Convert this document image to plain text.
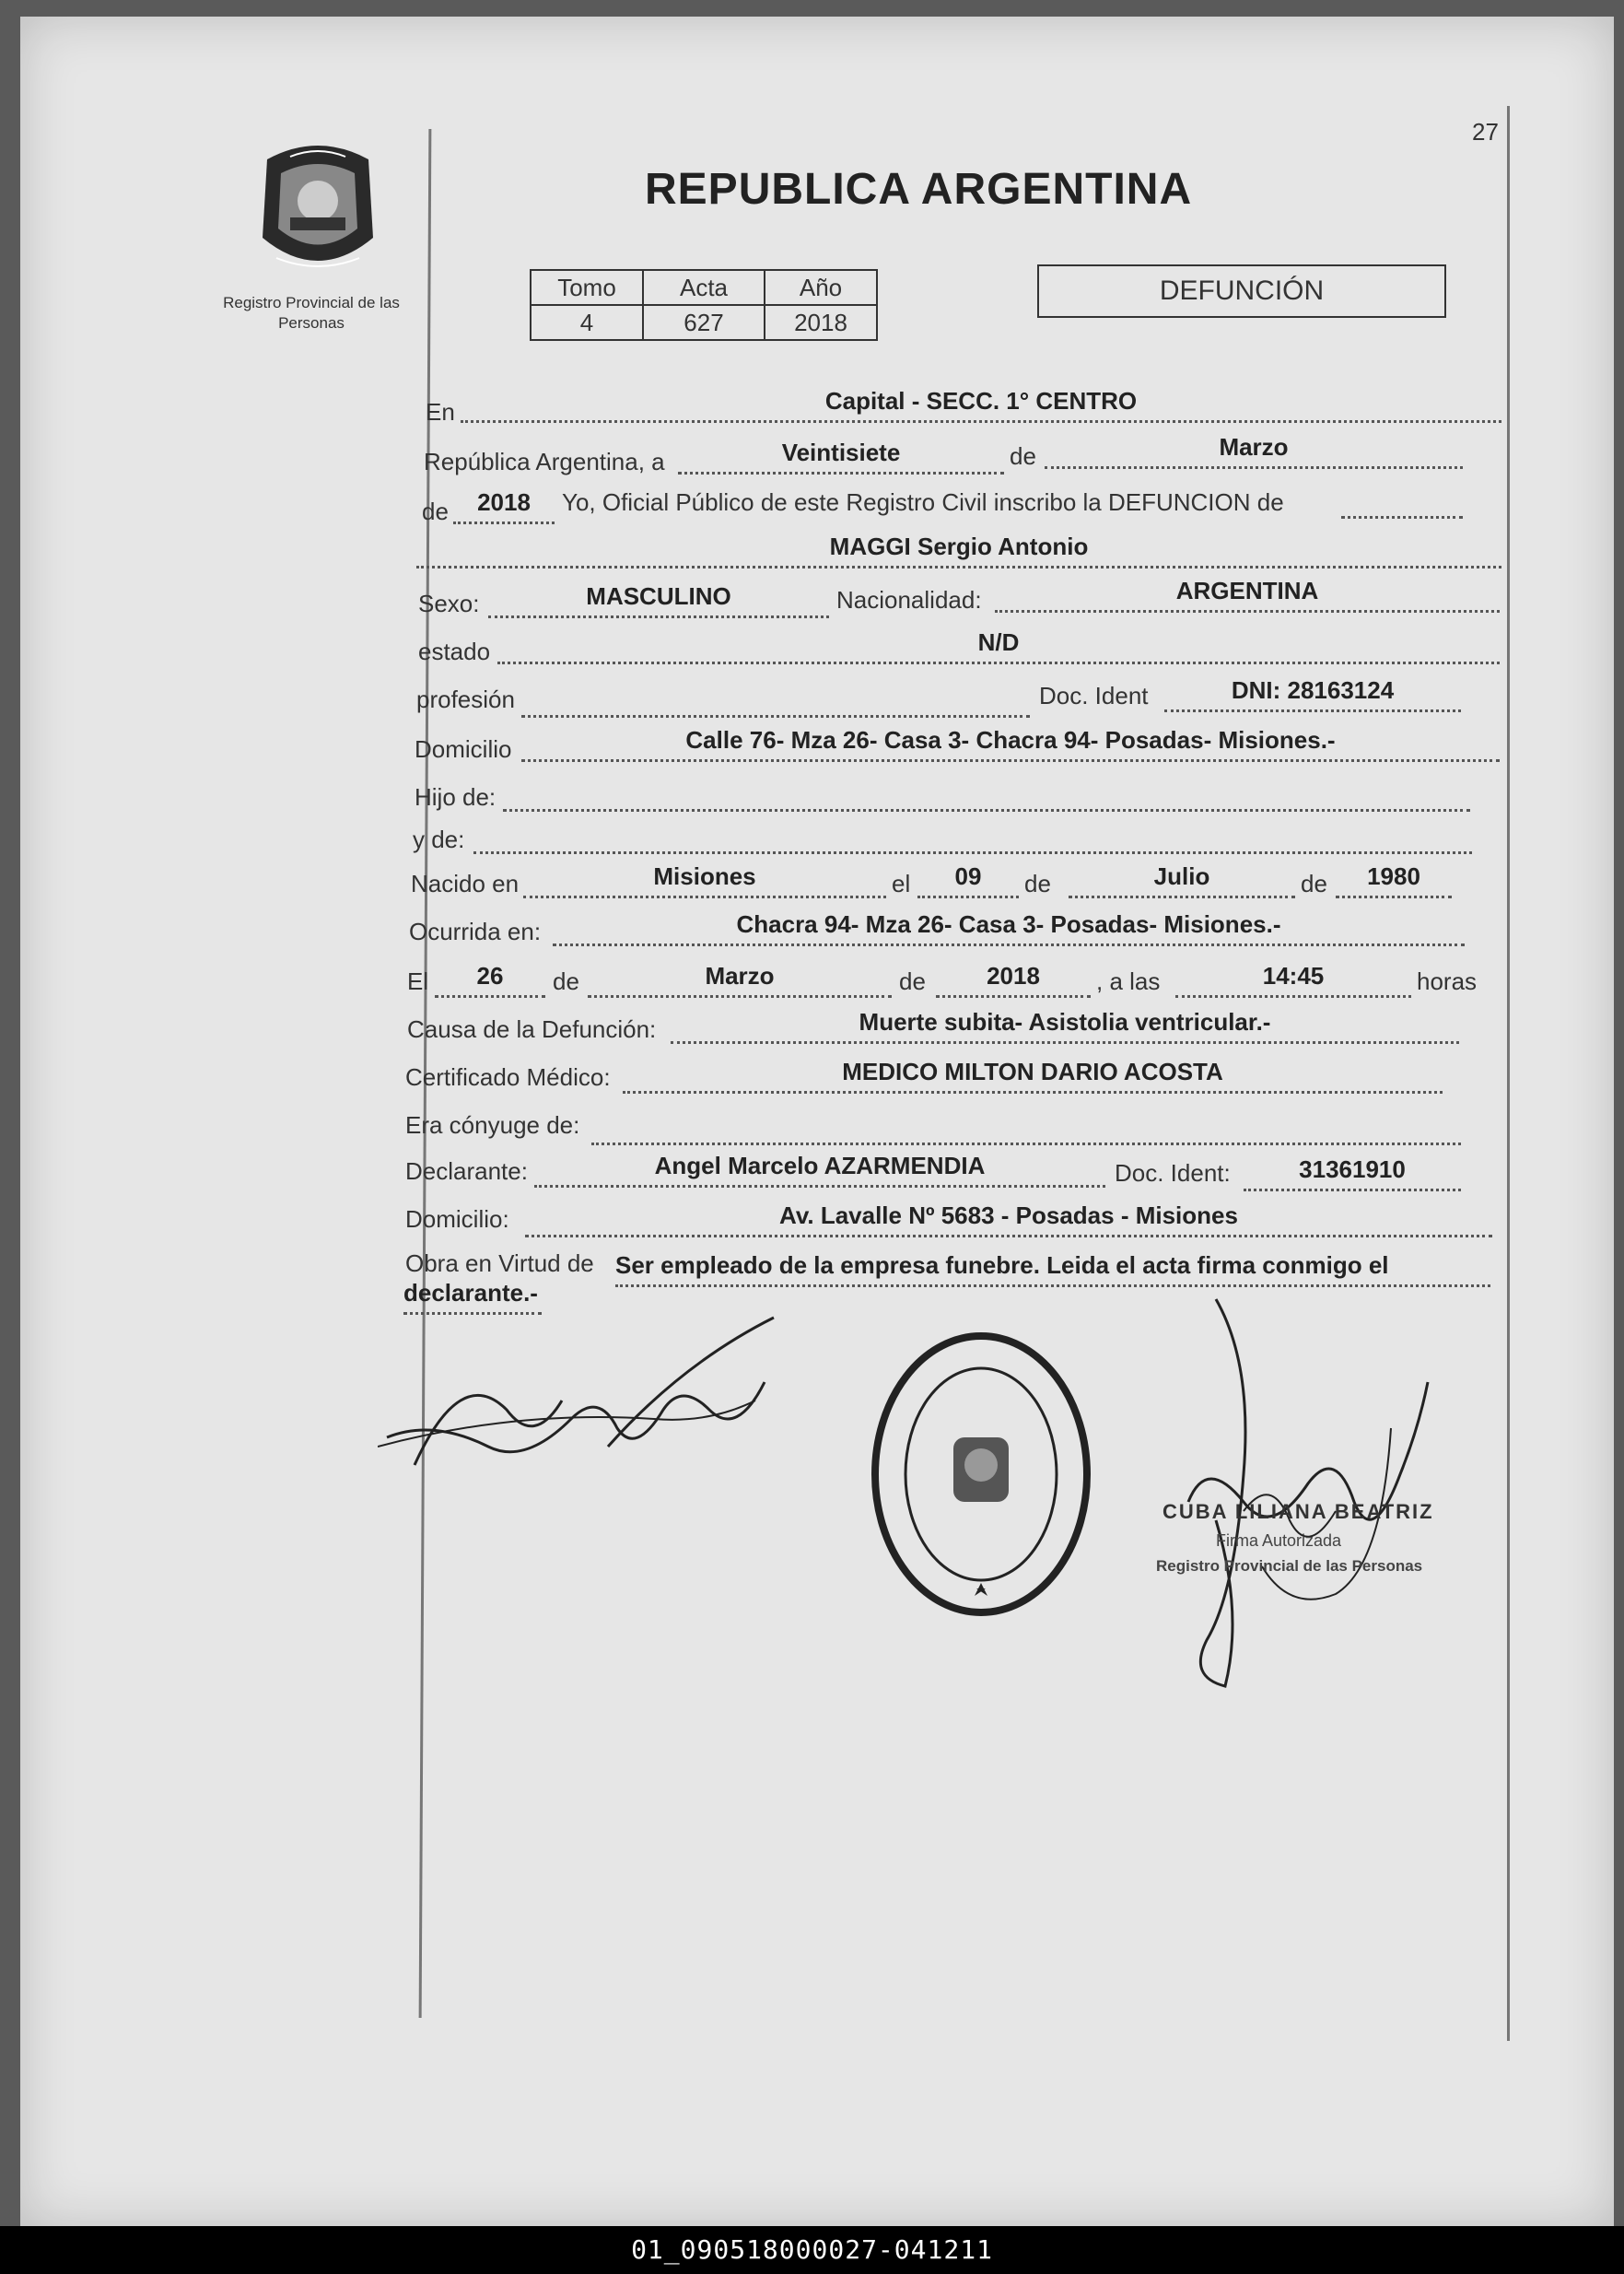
27
Registro Provincial de las Personas
REPUBLICA ARGENTINA
Tomo	Acta	Año
4	627	2018
DEFUNCIÓN
En	Capital - SECC. 1° CENTRO
República Argentina, a	Veintisiete	de	Marzo
de	2018	Yo, Oficial Público de este Registro Civil inscribo la DEFUNCION de
MAGGI Sergio Antonio
Sexo:	MASCULINO	Nacionalidad:	ARGENTINA
estado	N/D
profesión	Doc. Ident	DNI: 28163124
Domicilio	Calle 76- Mza 26- Casa 3- Chacra 94- Posadas- Misiones.-
Hijo de:
y de:
Nacido en	Misiones	el	09	de	Julio	de	1980
Ocurrida en:	Chacra 94- Mza 26- Casa 3- Posadas- Misiones.-
El	26	de	Marzo	de	2018	, a las	14:45	horas
Causa de la Defunción:	Muerte subita- Asistolia ventricular.-
Certificado Médico:	MEDICO MILTON DARIO ACOSTA
Era cónyuge de:
Declarante:	Angel Marcelo AZARMENDIA	Doc. Ident:	31361910
Domicilio:	Av. Lavalle Nº 5683 - Posadas - Misiones
Obra en Virtud de Ser empleado de la empresa funebre. Leida el acta firma conmigo el
declarante.-
CUBA LILIANA BEATRIZ
Firma Autorizada
Registro Provincial de las Personas
01_090518000027-041211
